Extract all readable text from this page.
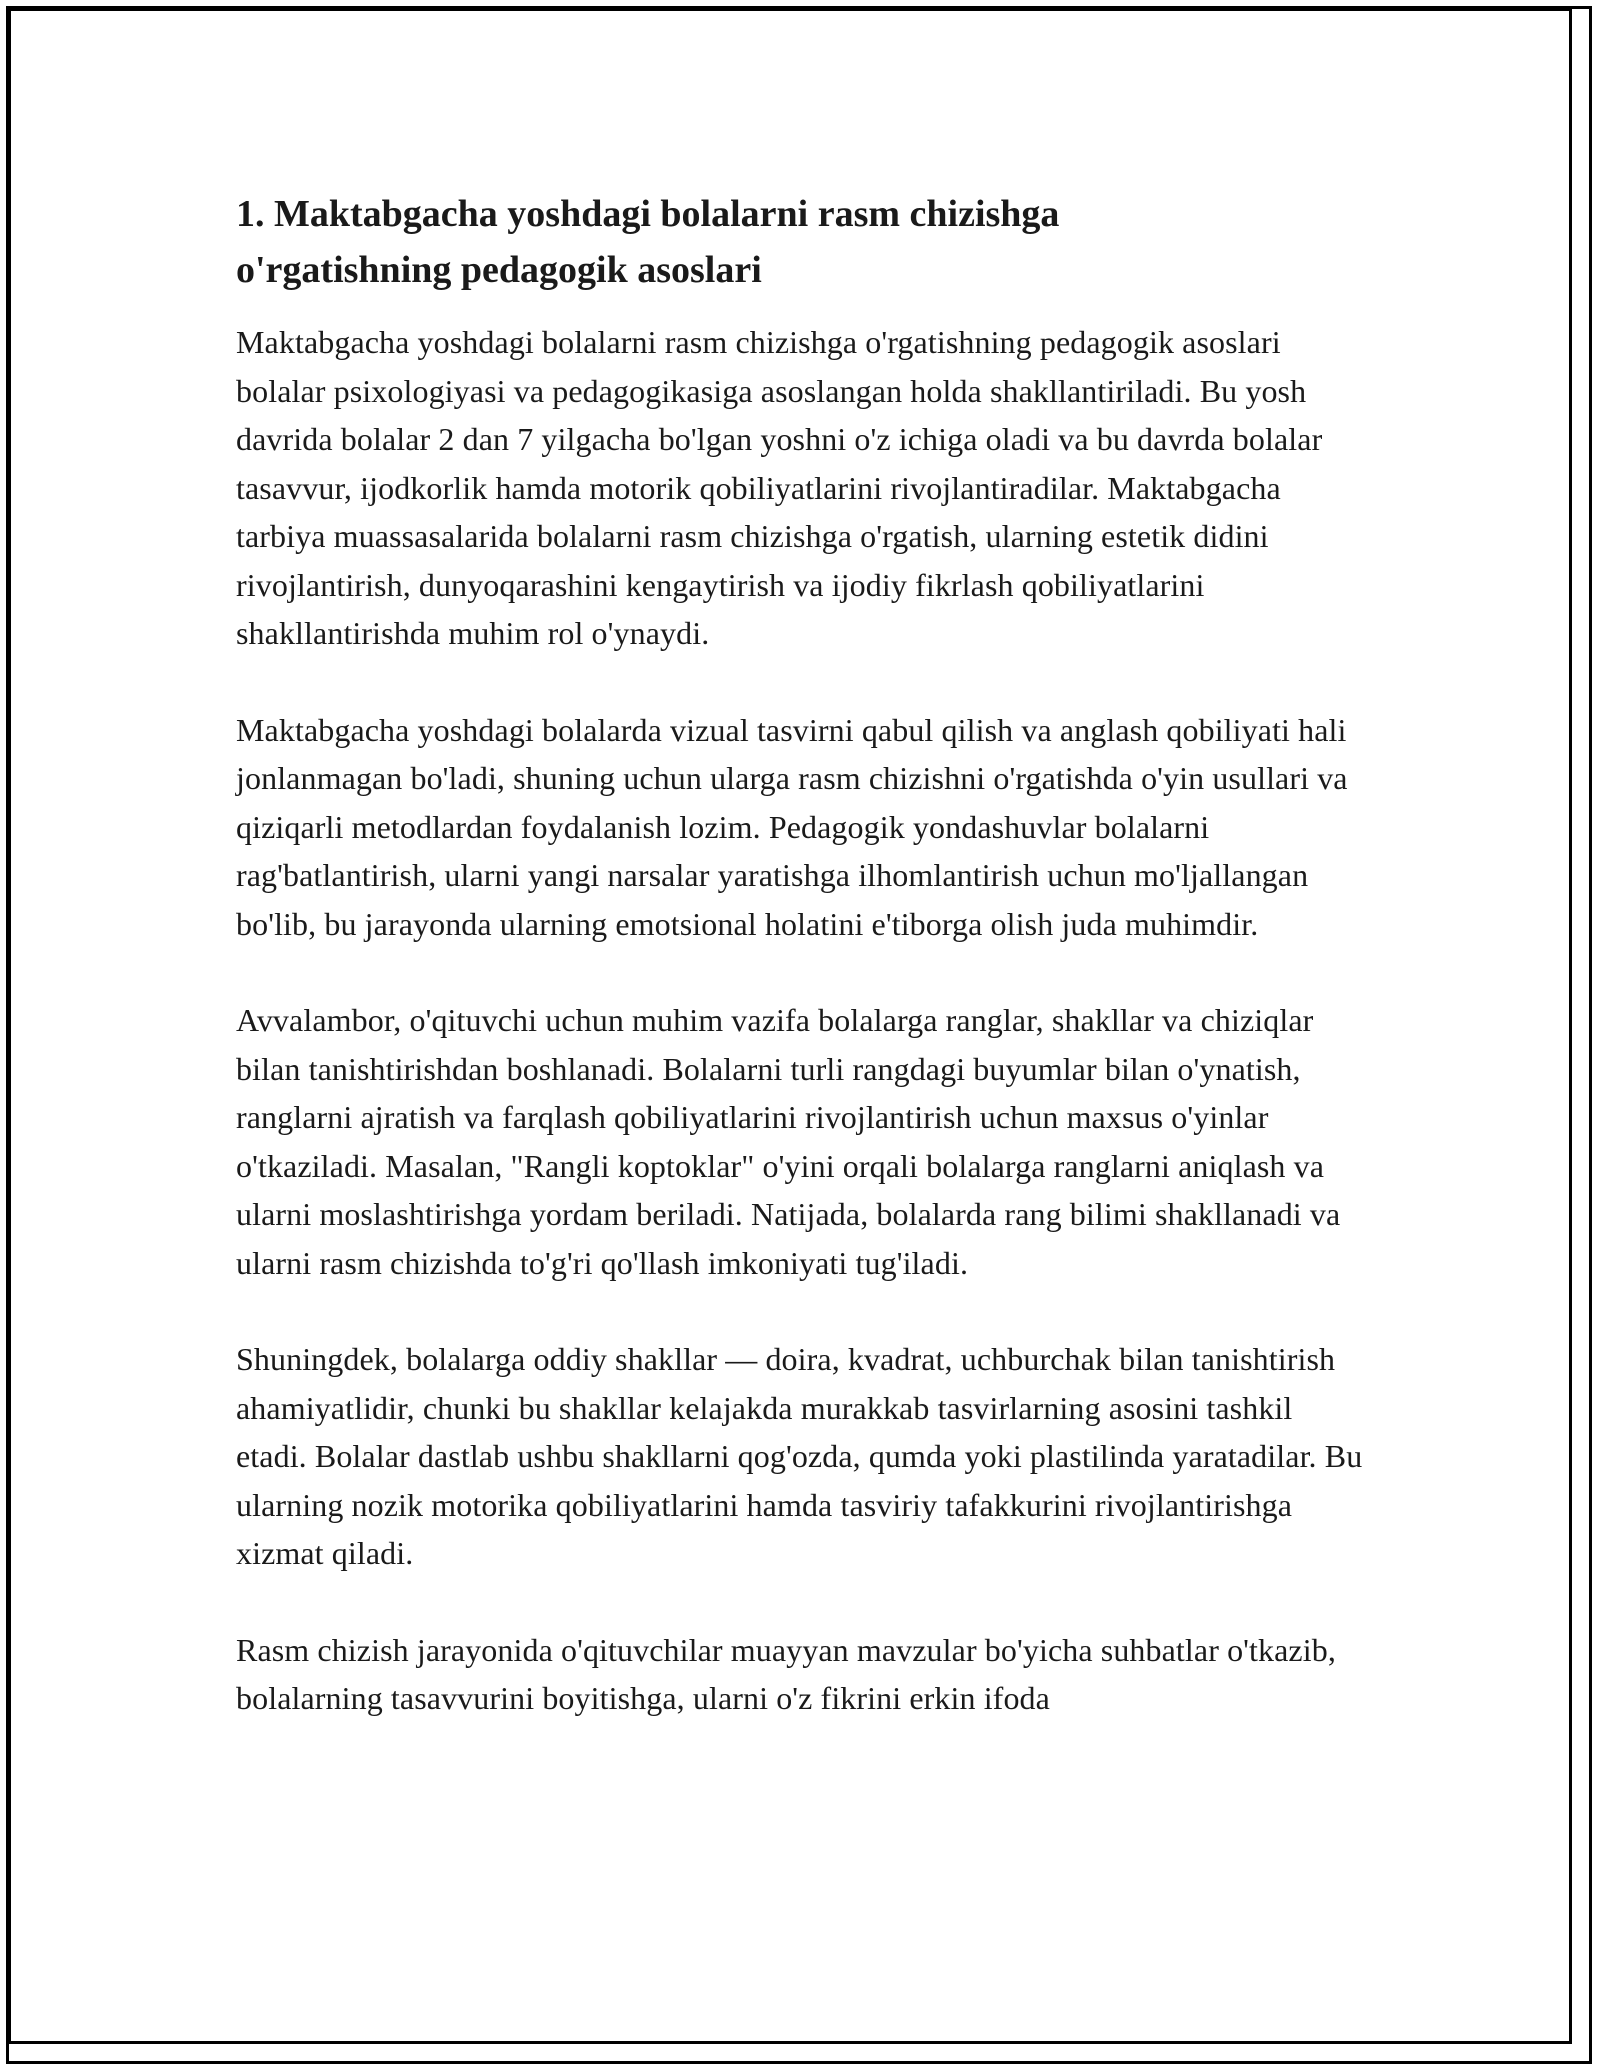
1. Maktabgacha yoshdagi bolalarni rasm chizishga o'rgatishning pedagogik asoslari

Maktabgacha yoshdagi bolalarni rasm chizishga o'rgatishning pedagogik asoslari bolalar psixologiyasi va pedagogikasiga asoslangan holda shakllantiriladi. Bu yosh davrida bolalar 2 dan 7 yilgacha bo'lgan yoshni o'z ichiga oladi va bu davrda bolalar tasavvur, ijodkorlik hamda motorik qobiliyatlarini rivojlantiradilar. Maktabgacha tarbiya muassasalarida bolalarni rasm chizishga o'rgatish, ularning estetik didini rivojlantirish, dunyoqarashini kengaytirish va ijodiy fikrlash qobiliyatlarini shakllantirishda muhim rol o'ynaydi.

Maktabgacha yoshdagi bolalarda vizual tasvirni qabul qilish va anglash qobiliyati hali jonlanmagan bo'ladi, shuning uchun ularga rasm chizishni o'rgatishda o'yin usullari va qiziqarli metodlardan foydalanish lozim. Pedagogik yondashuvlar bolalarni rag'batlantirish, ularni yangi narsalar yaratishga ilhomlantirish uchun mo'ljallangan bo'lib, bu jarayonda ularning emotsional holatini e'tiborga olish juda muhimdir.

Avvalambor, o'qituvchi uchun muhim vazifa bolalarga ranglar, shakllar va chiziqlar bilan tanishtirishdan boshlanadi. Bolalarni turli rangdagi buyumlar bilan o'ynatish, ranglarni ajratish va farqlash qobiliyatlarini rivojlantirish uchun maxsus o'yinlar o'tkaziladi. Masalan, "Rangli koptoklar" o'yini orqali bolalarga ranglarni aniqlash va ularni moslashtirishga yordam beriladi. Natijada, bolalarda rang bilimi shakllanadi va ularni rasm chizishda to'g'ri qo'llash imkoniyati tug'iladi.

Shuningdek, bolalarga oddiy shakllar — doira, kvadrat, uchburchak bilan tanishtirish ahamiyatlidir, chunki bu shakllar kelajakda murakkab tasvirlarning asosini tashkil etadi. Bolalar dastlab ushbu shakllarni qog'ozda, qumda yoki plastilinda yaratadilar. Bu ularning nozik motorika qobiliyatlarini hamda tasviriy tafakkurini rivojlantirishga xizmat qiladi.

Rasm chizish jarayonida o'qituvchilar muayyan mavzular bo'yicha suhbatlar o'tkazib, bolalarning tasavvurini boyitishga, ularni o'z fikrini erkin ifoda
